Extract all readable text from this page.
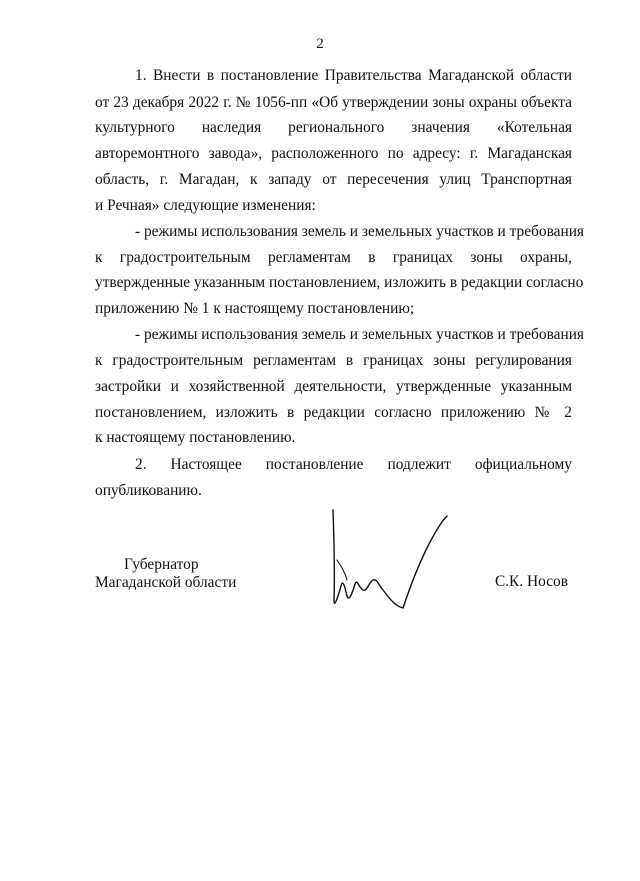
2
1. Внести в постановление Правительства Магаданской области
от 23 декабря 2022 г. № 1056-пп «Об утверждении зоны охраны объекта
культурного наследия регионального значения «Котельная
авторемонтного завода», расположенного по адресу: г. Магаданская
область, г. Магадан, к западу от пересечения улиц Транспортная
и Речная» следующие изменения:
- режимы использования земель и земельных участков и требования
к градостроительным регламентам в границах зоны охраны,
утвержденные указанным постановлением, изложить в редакции согласно
приложению № 1 к настоящему постановлению;
- режимы использования земель и земельных участков и требования
к градостроительным регламентам в границах зоны регулирования
застройки и хозяйственной деятельности, утвержденные указанным
постановлением, изложить в редакции согласно приложению № 2
к настоящему постановлению.
2. Настоящее постановление подлежит официальному
опубликованию.
Губернатор
Магаданской области	С.К. Носов
